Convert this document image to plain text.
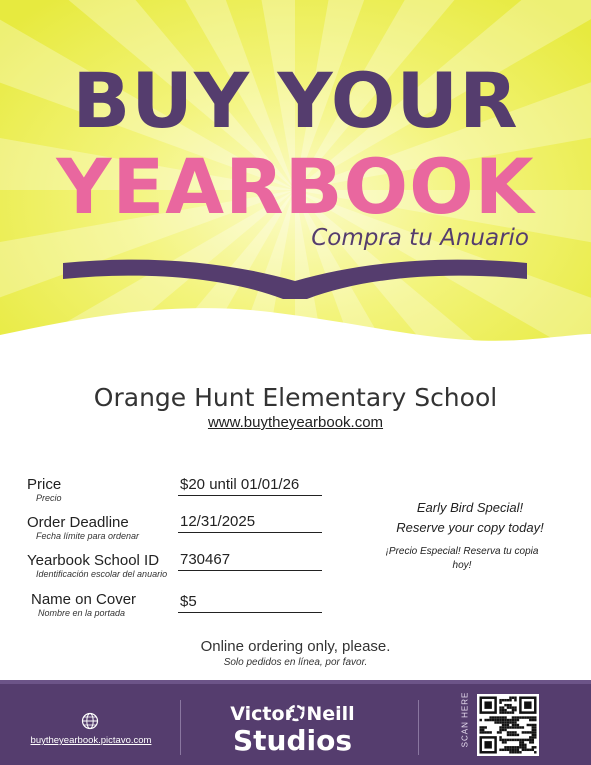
BUY YOUR
YEARBOOK
Compra tu Anuario
Orange Hunt Elementary School
www.buytheyearbook.com
Price
Precio
$20 until 01/01/26
Order Deadline
Fecha límite para ordenar
12/31/2025
Yearbook School ID
Identificación escolar del anuario
730467
Name on Cover
Nombre en la portada
$5
Early Bird Special!
Reserve your copy today!
¡Precio Especial! Reserva tu copia hoy!
Online ordering only, please.
Solo pedidos en línea, por favor.
buytheyearbook.pictavo.com
Victor 'Neill
Studios	SCAN HERE
